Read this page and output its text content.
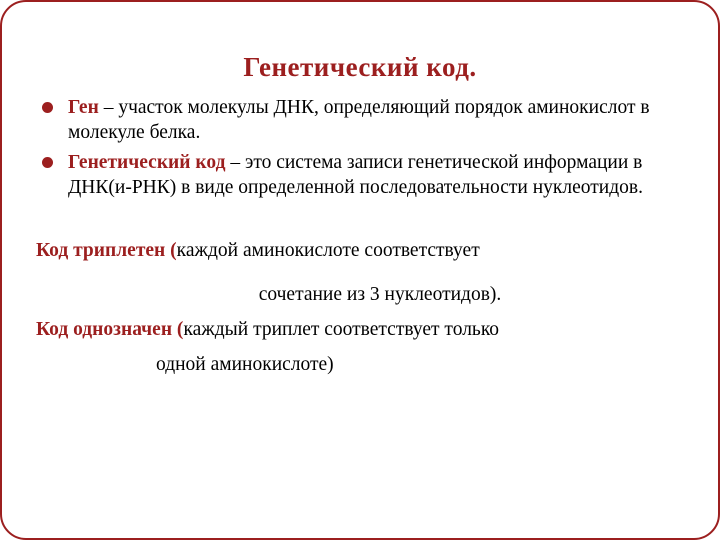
Генетический код.
Ген – участок молекулы ДНК, определяющий порядок аминокислот в молекуле белка.
Генетический код – это система записи генетической информации в ДНК(и-РНК) в виде определенной последовательности нуклеотидов.
Код триплетен (каждой аминокислоте соответствует
сочетание из 3 нуклеотидов).
Код однозначен (каждый триплет соответствует только
одной аминокислоте)
